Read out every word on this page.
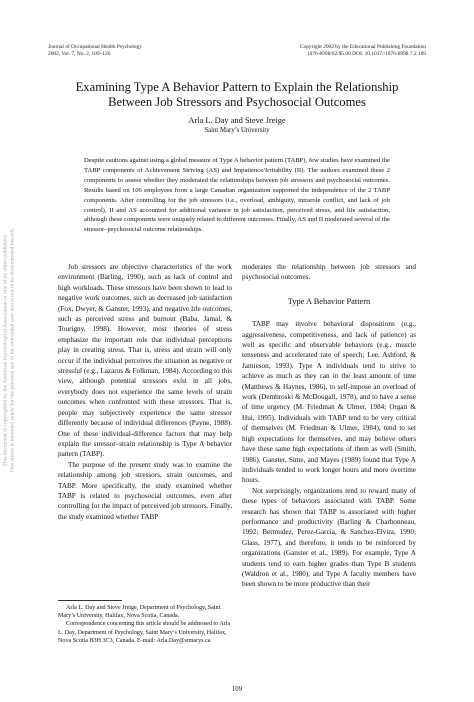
This document is copyrighted by the American Psychological Association or one of its allied publishers. This article is intended solely for the personal use of the individual user and is not to be disseminated broadly.
Journal of Occupational Health Psychology
2002, Vol. 7, No. 2, 109–120
Copyright 2002 by the Educational Publishing Foundation
1076-8998/02/$5.00 DOI: 10.1037//1076-8998.7.2.109
Examining Type A Behavior Pattern to Explain the Relationship
Between Job Stressors and Psychosocial Outcomes
Arla L. Day and Steve Jreige
Saint Mary’s University

Despite cautions against using a global measure of Type A behavior pattern (TABP), few studies have examined the TABP components of Achievement Striving (AS) and Impatience/Irritability (II). The authors examined these 2 components to assess whether they moderated the relationships between job stressors and psychosocial outcomes. Results based on 106 employees from a large Canadian organization supported the independence of the 2 TABP components. After controlling for the job stressors (i.e., overload, ambiguity, intrarole conflict, and lack of job control), II and AS accounted for additional variance in job satisfaction, perceived stress, and life satisfaction, although these components were uniquely related to different outcomes. Finally, AS and II moderated several of the stressor–psychosocial outcome relationships.

Job stressors are objective characteristics of the work environment (Barling, 1990), such as lack of control and high workloads. These stressors have been shown to lead to negative work outcomes, such as decreased job satisfaction (Fox, Dwyer, & Ganster, 1993), and negative life outcomes, such as perceived stress and burnout (Baba, Jamal, & Tourigny, 1998). However, most theories of stress emphasize the important role that individual perceptions play in creating stress. That is, stress and strain will only occur if the individual perceives the situation as negative or stressful (e.g., Lazarus & Folkman, 1984). According to this view, although potential stressors exist in all jobs, everybody does not experience the same levels of strain outcomes when confronted with these stressors. That is, people may subjectively experience the same stressor differently because of individual differences (Payne, 1988). One of these individual-difference factors that may help explain the stressor–strain relationship is Type A behavior pattern (TABP).

The purpose of the present study was to examine the relationship among job stressors, strain outcomes, and TABP. More specifically, the study examined whether TABP is related to psychosocial outcomes, even after controlling for the impact of perceived job stressors. Finally, the study examined whether TABP

Arla L. Day and Steve Jreige, Department of Psychology, Saint Mary’s University, Halifax, Nova Scotia, Canada.

Correspondence concerning this article should be addressed to Arla L. Day, Department of Psychology, Saint Mary’s University, Halifax, Nova Scotia B3H 3C3, Canada. E-mail: Arla.Day@stmarys.ca

moderates the relationship between job stressors and psychosocial outcomes.

Type A Behavior Pattern

TABP may involve behavioral dispositions (e.g., aggressiveness, competitiveness, and lack of patience) as well as specific and observable behaviors (e.g., muscle tenseness and accelerated rate of speech; Lee, Ashford, & Jamieson, 1993). Type A individuals tend to strive to achieve as much as they can in the least amount of time (Matthews & Haynes, 1986), to self-impose an overload of work (Dembroski & McDougall, 1978), and to have a sense of time urgency (M. Friedman & Ulmer, 1984; Organ & Hui, 1995). Individuals with TABP tend to be very critical of themselves (M. Friedman & Ulmer, 1984), tend to set high expectations for themselves, and may believe others have these same high expectations of them as well (Smith, 1986). Ganster, Sime, and Mayes (1989) found that Type A individuals tended to work longer hours and more overtime hours.

Not surprisingly, organizations tend to reward many of these types of behaviors associated with TABP. Some research has shown that TABP is associated with higher performance and productivity (Barling & Charbonneau, 1992; Bermudez, Perez-Garcia, & Sanchez-Elvira, 1990; Glass, 1977), and therefore, it tends to be reinforced by organizations (Ganster et al., 1989). For example, Type A students tend to earn higher grades than Type B students (Waldron et al., 1980), and Type A faculty members have been shown to be more productive than their

109
